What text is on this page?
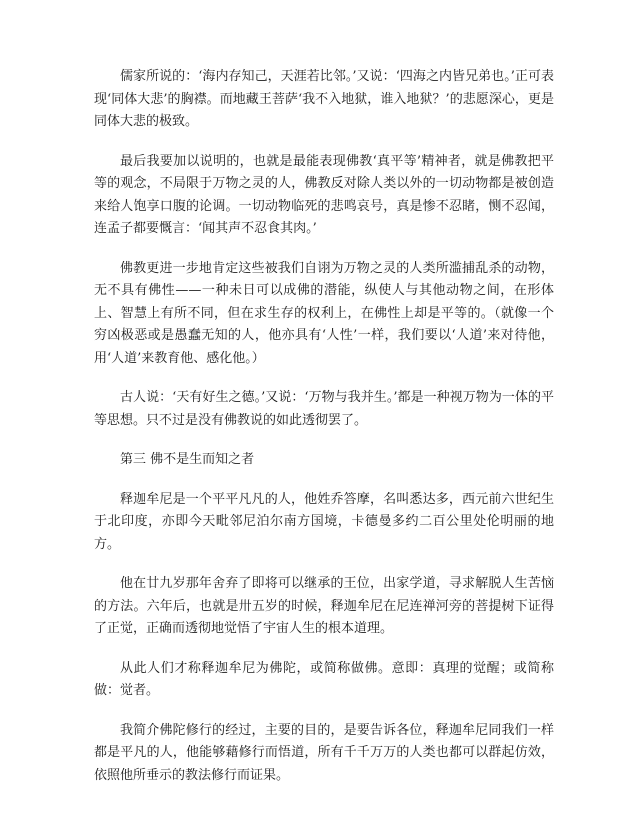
儒家所说的：‘海内存知己，天涯若比邻。’又说：‘四海之内皆兄弟也。’正可表现‘同体大悲’的胸襟。而地藏王菩萨‘我不入地狱，谁入地狱？’的悲愿深心，更是同体大悲的极致。

最后我要加以说明的，也就是最能表现佛教‘真平等’精神者，就是佛教把平等的观念，不局限于万物之灵的人，佛教反对除人类以外的一切动物都是被创造来给人饱享口腹的论调。一切动物临死的悲鸣哀号，真是惨不忍睹，恻不忍闻，连孟子都要慨言：‘闻其声不忍食其肉。’

佛教更进一步地肯定这些被我们自诩为万物之灵的人类所滥捕乱杀的动物，无不具有佛性——一种未日可以成佛的潜能，纵使人与其他动物之间，在形体上、智慧上有所不同，但在求生存的权利上，在佛性上却是平等的。（就像一个穷凶极恶或是愚蠢无知的人，他亦具有‘人性’一样，我们要以‘人道’来对待他，用‘人道’来教育他、感化他。）

古人说：‘天有好生之德。’又说：‘万物与我并生。’都是一种视万物为一体的平等思想。只不过是没有佛教说的如此透彻罢了。

第三 佛不是生而知之者

释迦牟尼是一个平平凡凡的人，他姓乔答摩，名叫悉达多，西元前六世纪生于北印度，亦即今天毗邻尼泊尔南方国境，卡德曼多约二百公里处伦明丽的地方。

他在廿九岁那年舍弃了即将可以继承的王位，出家学道，寻求解脱人生苦恼的方法。六年后，也就是卅五岁的时候，释迦牟尼在尼连禅河旁的菩提树下证得了正觉，正确而透彻地觉悟了宇宙人生的根本道理。

从此人们才称释迦牟尼为佛陀，或简称做佛。意即：真理的觉醒；或简称做：觉者。

我简介佛陀修行的经过，主要的目的，是要告诉各位，释迦牟尼同我们一样都是平凡的人，他能够藉修行而悟道，所有千千万万的人类也都可以群起仿效，依照他所垂示的教法修行而证果。
